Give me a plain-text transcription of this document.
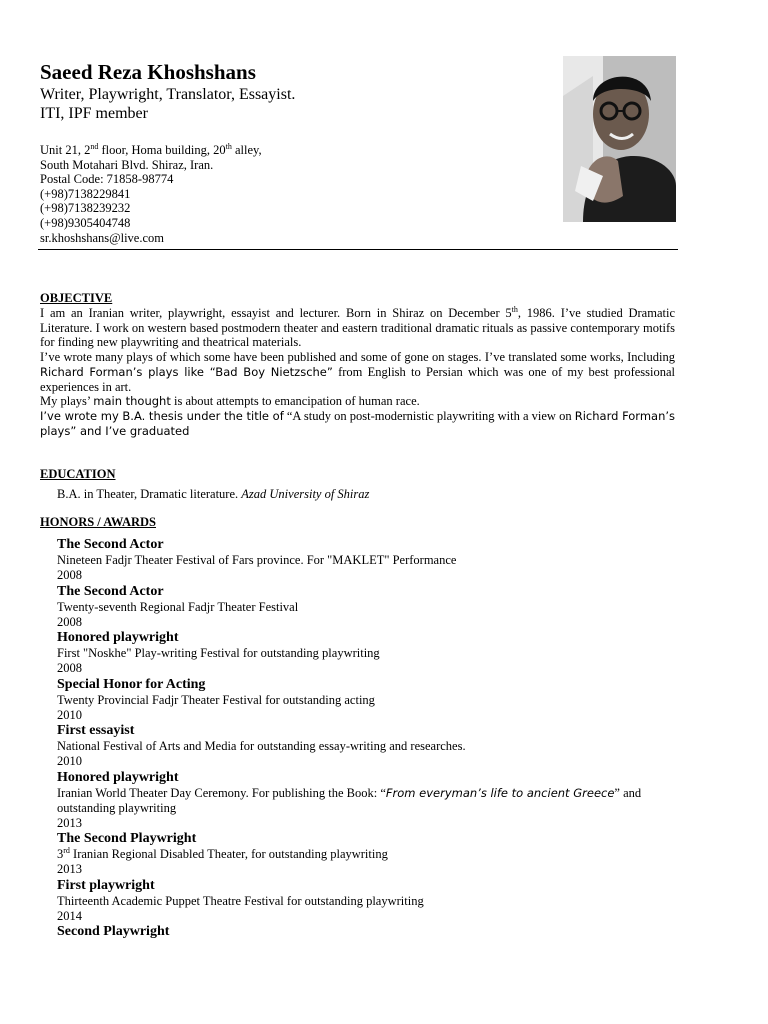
Saeed Reza Khoshshans
Writer, Playwright, Translator, Essayist.
ITI, IPF member
Unit 21, 2nd floor, Homa building, 20th alley,
South Motahari Blvd. Shiraz, Iran.
Postal Code: 71858-98774
(+98)7138229841
(+98)7138239232
(+98)9305404748
sr.khoshshans@live.com
OBJECTIVE

I am an Iranian writer, playwright, essayist and lecturer. Born in Shiraz on December 5th, 1986. I’ve studied Dramatic Literature. I work on western based postmodern theater and eastern traditional dramatic rituals as passive contemporary motifs for finding new playwriting and theatrical materials.

I’ve wrote many plays of which some have been published and some of gone on stages. I’ve translated some works, Including Richard Forman’s plays like “Bad Boy Nietzsche” from English to Persian which was one of my best professional experiences in art.

My plays’ main thought is about attempts to emancipation of human race.

I’ve wrote my B.A. thesis under the title of “A study on post-modernistic playwriting with a view on Richard Forman’s plays” and I’ve graduated

EDUCATION
B.A. in Theater, Dramatic literature. Azad University of Shiraz
HONORS / AWARDS
The Second Actor
Nineteen Fadjr Theater Festival of Fars province. For "MAKLET" Performance
2008
The Second Actor
Twenty-seventh Regional Fadjr Theater Festival
2008
Honored playwright
First "Noskhe" Play-writing Festival for outstanding playwriting
2008
Special Honor for Acting
Twenty Provincial Fadjr Theater Festival for outstanding acting
2010
First essayist
National Festival of Arts and Media for outstanding essay-writing and researches.
2010
Honored playwright
Iranian World Theater Day Ceremony. For publishing the Book: “From everyman’s life to ancient Greece” and outstanding playwriting
2013
The Second Playwright
3rd Iranian Regional Disabled Theater, for outstanding playwriting
2013
First playwright
Thirteenth Academic Puppet Theatre Festival for outstanding playwriting
2014
Second Playwright
